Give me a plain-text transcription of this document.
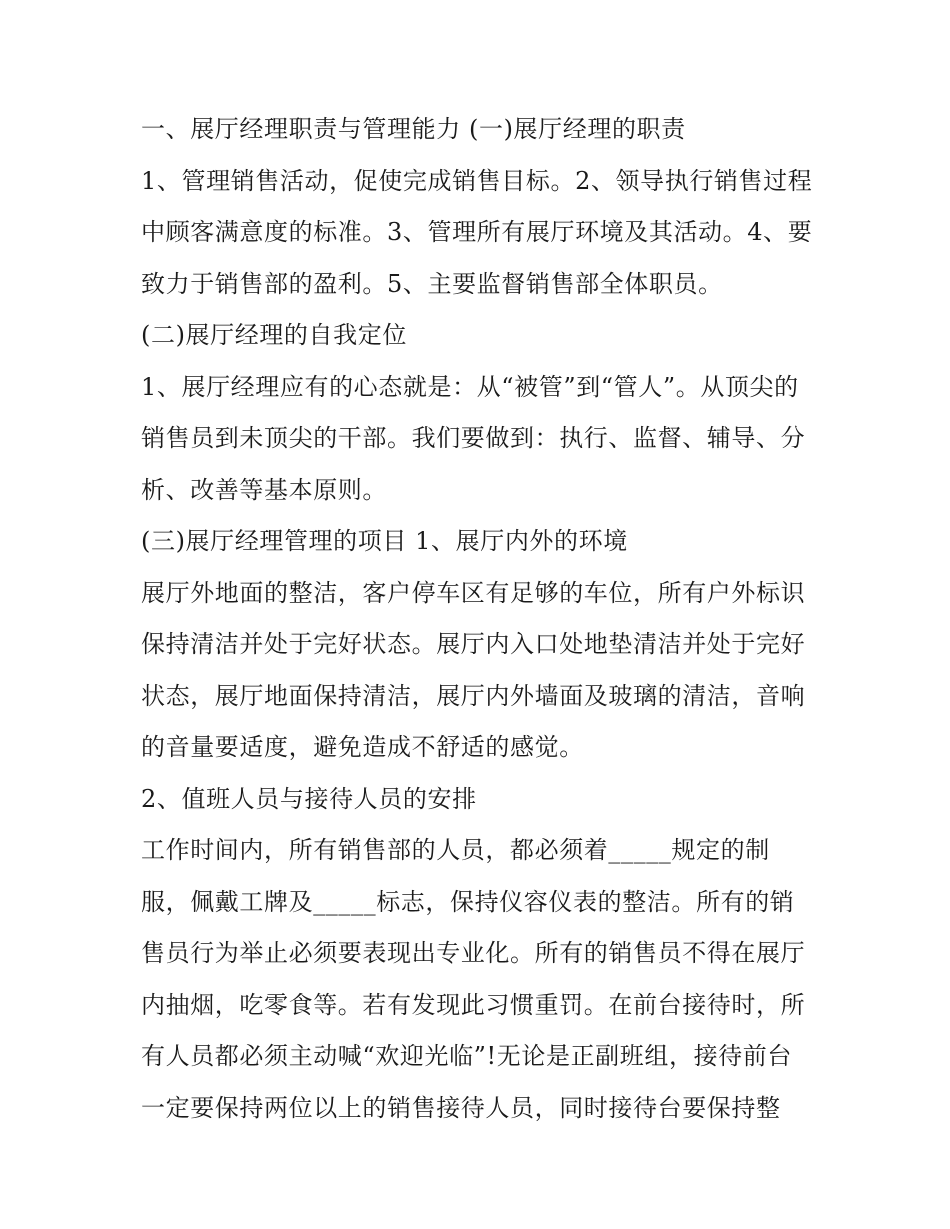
一、展厅经理职责与管理能力 (一)展厅经理的职责
1、管理销售活动，促使完成销售目标。2、领导执行销售过程
中顾客满意度的标准。3、管理所有展厅环境及其活动。4、要
致力于销售部的盈利。5、主要监督销售部全体职员。
(二)展厅经理的自我定位
1、展厅经理应有的心态就是：从“被管”到“管人”。从顶尖的
销售员到未顶尖的干部。我们要做到：执行、监督、辅导、分
析、改善等基本原则。
(三)展厅经理管理的项目 1、展厅内外的环境
展厅外地面的整洁，客户停车区有足够的车位，所有户外标识
保持清洁并处于完好状态。展厅内入口处地垫清洁并处于完好
状态，展厅地面保持清洁，展厅内外墙面及玻璃的清洁，音响
的音量要适度，避免造成不舒适的感觉。
2、值班人员与接待人员的安排
工作时间内，所有销售部的人员，都必须着_____规定的制
服，佩戴工牌及_____标志，保持仪容仪表的整洁。所有的销
售员行为举止必须要表现出专业化。所有的销售员不得在展厅
内抽烟，吃零食等。若有发现此习惯重罚。在前台接待时，所
有人员都必须主动喊“欢迎光临”!无论是正副班组，接待前台
一定要保持两位以上的销售接待人员，同时接待台要保持整
